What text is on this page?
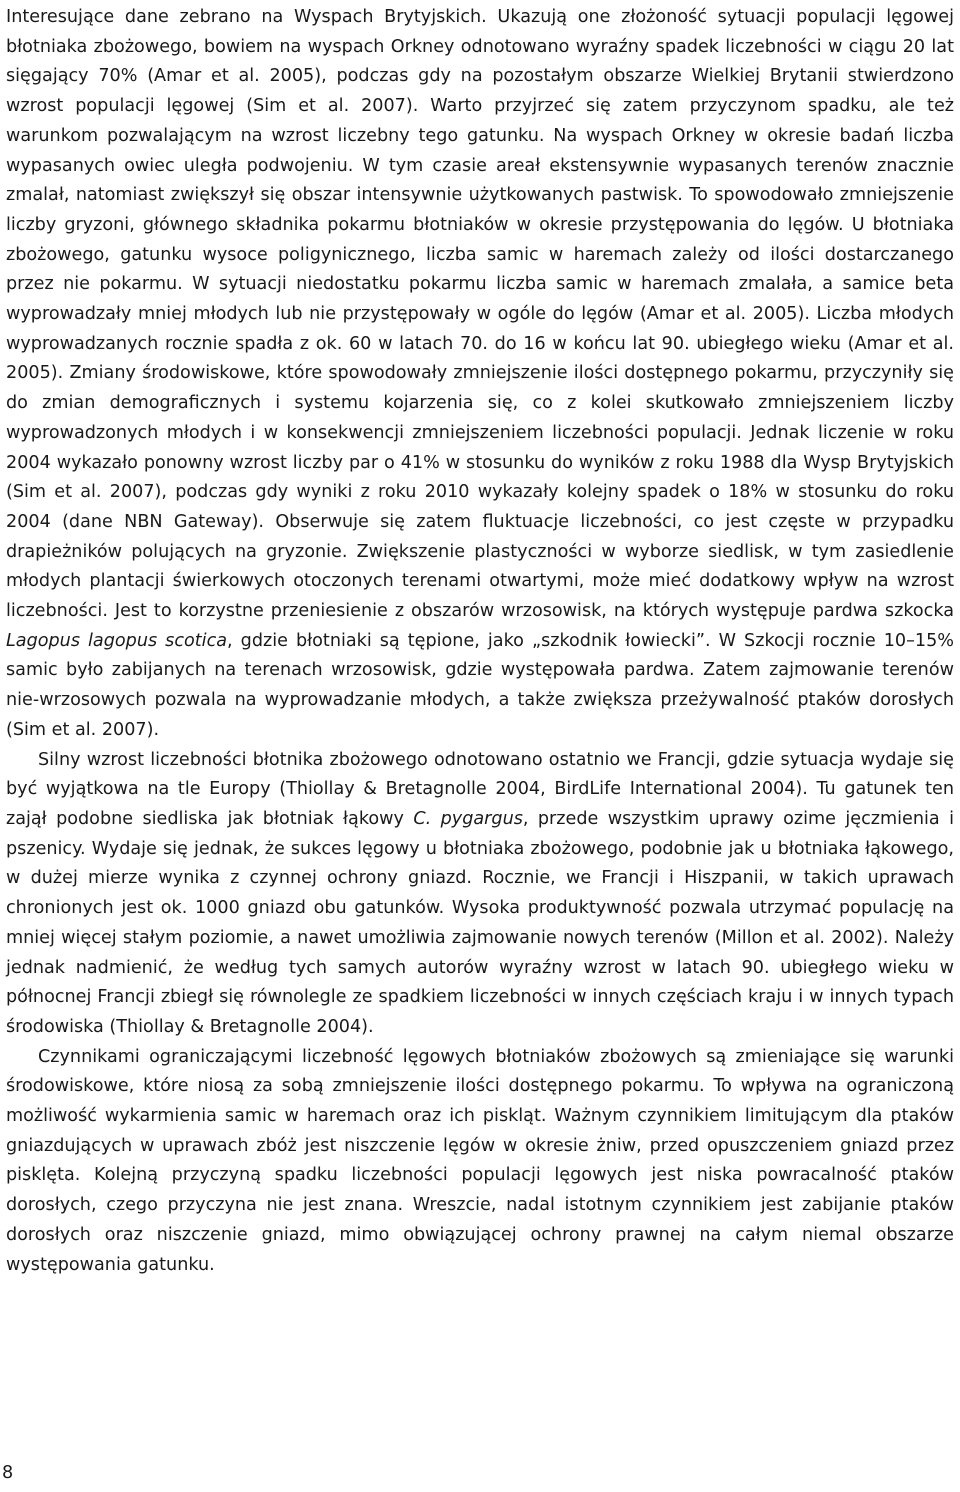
Interesujące dane zebrano na Wyspach Brytyjskich. Ukazują one złożoność sytuacji populacji lęgowej błotniaka zbożowego, bowiem na wyspach Orkney odnotowano wyraźny spadek liczebności w ciągu 20 lat sięgający 70% (Amar et al. 2005), podczas gdy na pozostałym obszarze Wielkiej Brytanii stwierdzono wzrost populacji lęgowej (Sim et al. 2007). Warto przyjrzeć się zatem przyczynom spadku, ale też warunkom pozwalającym na wzrost liczebny tego gatunku. Na wyspach Orkney w okresie badań liczba wypasanych owiec uległa podwojeniu. W tym czasie areał ekstensywnie wypasanych terenów znacznie zmalał, natomiast zwiększył się obszar intensywnie użytkowanych pastwisk. To spowodowało zmniejszenie liczby gryzoni, głównego składnika pokarmu błotniaków w okresie przystępowania do lęgów. U błotniaka zbożowego, gatunku wysoce poligynicznego, liczba samic w haremach zależy od ilości dostarczanego przez nie pokarmu. W sytuacji niedostatku pokarmu liczba samic w haremach zmalała, a samice beta wyprowadzały mniej młodych lub nie przystępowały w ogóle do lęgów (Amar et al. 2005). Liczba młodych wyprowadzanych rocznie spadła z ok. 60 w latach 70. do 16 w końcu lat 90. ubiegłego wieku (Amar et al. 2005). Zmiany środowiskowe, które spowodowały zmniejszenie ilości dostępnego pokarmu, przyczyniły się do zmian demograficznych i systemu kojarzenia się, co z kolei skutkowało zmniejszeniem liczby wyprowadzonych młodych i w konsekwencji zmniejszeniem liczebności populacji. Jednak liczenie w roku 2004 wykazało ponowny wzrost liczby par o 41% w stosunku do wyników z roku 1988 dla Wysp Brytyjskich (Sim et al. 2007), podczas gdy wyniki z roku 2010 wykazały kolejny spadek o 18% w stosunku do roku 2004 (dane NBN Gateway). Obserwuje się zatem fluktuacje liczebności, co jest częste w przypadku drapieżników polujących na gryzonie. Zwiększenie plastyczności w wyborze siedlisk, w tym zasiedlenie młodych plantacji świerkowych otoczonych terenami otwartymi, może mieć dodatkowy wpływ na wzrost liczebności. Jest to korzystne przeniesienie z obszarów wrzosowisk, na których występuje pardwa szkocka Lagopus lagopus scotica, gdzie błotniaki są tępione, jako „szkodnik łowiecki”. W Szkocji rocznie 10–15% samic było zabijanych na terenach wrzosowisk, gdzie występowała pardwa. Zatem zajmowanie terenów nie-wrzosowych pozwala na wyprowadzanie młodych, a także zwiększa przeżywalność ptaków dorosłych (Sim et al. 2007).

Silny wzrost liczebności błotnika zbożowego odnotowano ostatnio we Francji, gdzie sytuacja wydaje się być wyjątkowa na tle Europy (Thiollay & Bretagnolle 2004, BirdLife International 2004). Tu gatunek ten zajął podobne siedliska jak błotniak łąkowy C. pygargus, przede wszystkim uprawy ozime jęczmienia i pszenicy. Wydaje się jednak, że sukces lęgowy u błotniaka zbożowego, podobnie jak u błotniaka łąkowego, w dużej mierze wynika z czynnej ochrony gniazd. Rocznie, we Francji i Hiszpanii, w takich uprawach chronionych jest ok. 1000 gniazd obu gatunków. Wysoka produktywność pozwala utrzymać populację na mniej więcej stałym poziomie, a nawet umożliwia zajmowanie nowych terenów (Millon et al. 2002). Należy jednak nadmienić, że według tych samych autorów wyraźny wzrost w latach 90. ubiegłego wieku w północnej Francji zbiegł się równolegle ze spadkiem liczebności w innych częściach kraju i w innych typach środowiska (Thiollay & Bretagnolle 2004).

Czynnikami ograniczającymi liczebność lęgowych błotniaków zbożowych są zmieniające się warunki środowiskowe, które niosą za sobą zmniejszenie ilości dostępnego pokarmu. To wpływa na ograniczoną możliwość wykarmienia samic w haremach oraz ich piskląt. Ważnym czynnikiem limitującym dla ptaków gniazdujących w uprawach zbóż jest niszczenie lęgów w okresie żniw, przed opuszczeniem gniazd przez pisklęta. Kolejną przyczyną spadku liczebności populacji lęgowych jest niska powracalność ptaków dorosłych, czego przyczyna nie jest znana. Wreszcie, nadal istotnym czynnikiem jest zabijanie ptaków dorosłych oraz niszczenie gniazd, mimo obwiązującej ochrony prawnej na całym niemal obszarze występowania gatunku.

8
